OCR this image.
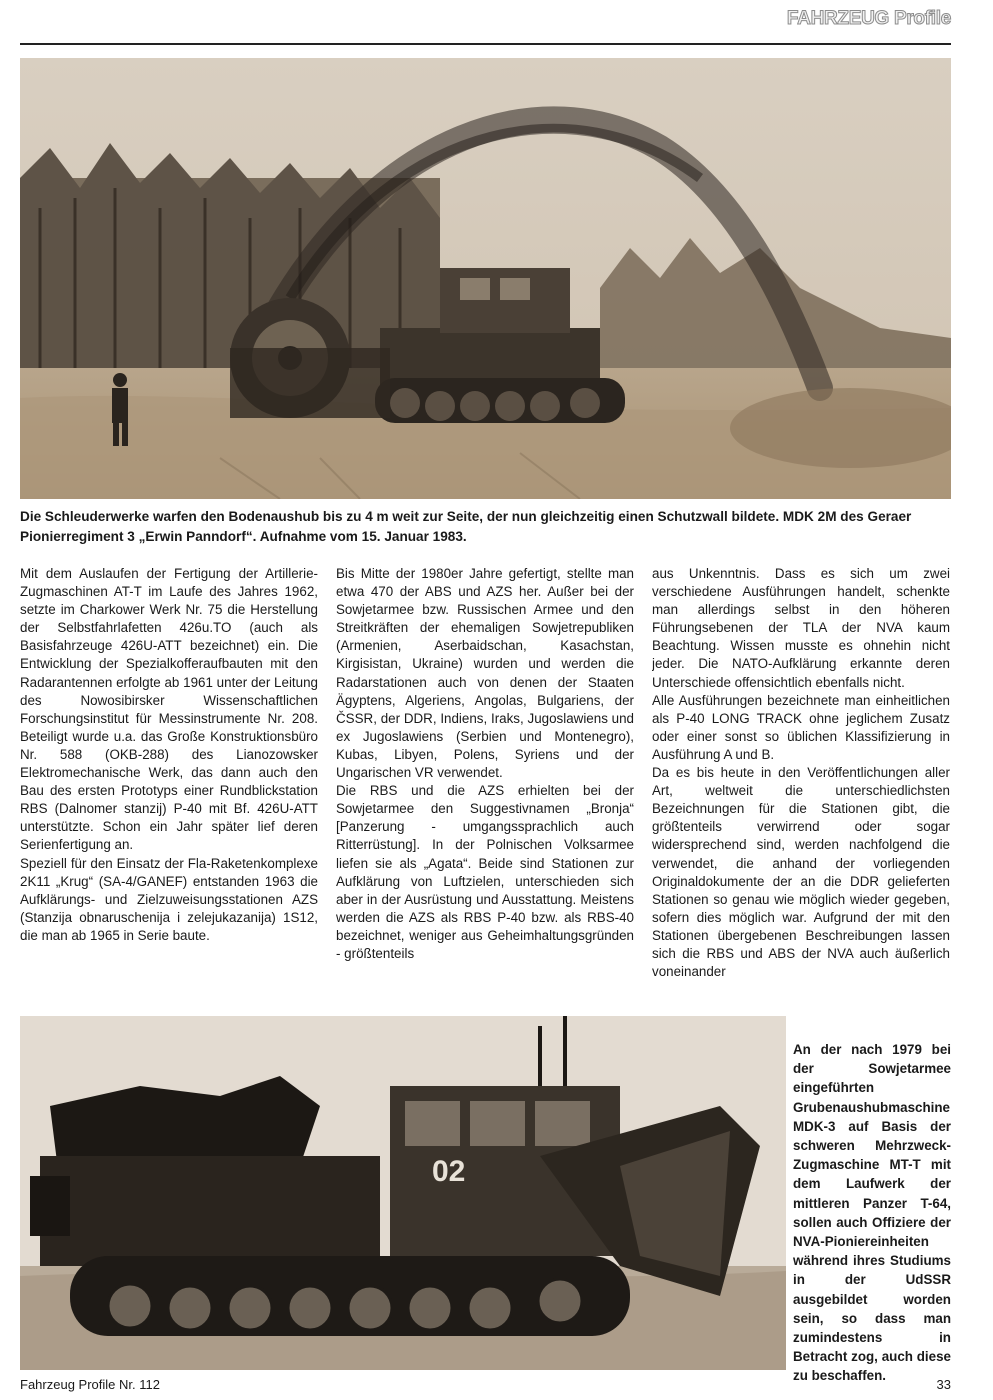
FAHRZEUG Profile
Die Schleuderwerke warfen den Bodenaushub bis zu 4 m weit zur Seite, der nun gleichzeitig einen Schutzwall bildete. MDK 2M des Geraer Pionierregiment 3 „Erwin Panndorf“. Aufnahme vom 15. Januar 1983.

Mit dem Auslaufen der Fertigung der Artillerie-Zugmaschinen AT-T im Laufe des Jahres 1962, setzte im Charkower Werk Nr. 75 die Herstellung der Selbstfahrlafetten 426u.TO (auch als Basisfahrzeuge 426U-ATT bezeichnet) ein. Die Entwicklung der Spezialkofferaufbauten mit den Radarantennen erfolgte ab 1961 unter der Leitung des Nowosibirsker Wissenschaftlichen Forschungsinstitut für Messinstrumente Nr. 208. Beteiligt wurde u.a. das Große Konstruktionsbüro Nr. 588 (OKB-288) des Lianozowsker Elektromechanische Werk, das dann auch den Bau des ersten Prototyps einer Rundblickstation RBS (Dalnomer stanzij) P-40 mit Bf. 426U-ATT unterstützte. Schon ein Jahr später lief deren Serienfertigung an.

Speziell für den Einsatz der Fla-Raketenkomplexe 2K11 „Krug“ (SA-4/GANEF) entstanden 1963 die Aufklärungs- und Zielzuweisungsstationen AZS (Stanzija obnaruschenija i zelejukazanija) 1S12, die man ab 1965 in Serie baute.

Bis Mitte der 1980er Jahre gefertigt, stellte man etwa 470 der ABS und AZS her. Außer bei der Sowjetarmee bzw. Russischen Armee und den Streitkräften der ehemaligen Sowjetrepubliken (Armenien, Aserbaidschan, Kasachstan, Kirgisistan, Ukraine) wurden und werden die Radarstationen auch von denen der Staaten Ägyptens, Algeriens, Angolas, Bulgariens, der ČSSR, der DDR, Indiens, Iraks, Jugoslawiens und ex Jugoslawiens (Serbien und Montenegro), Kubas, Libyen, Polens, Syriens und der Ungarischen VR verwendet.

Die RBS und die AZS erhielten bei der Sowjetarmee den Suggestivnamen „Bronja“ [Panzerung - umgangssprachlich auch Ritterrüstung]. In der Polnischen Volksarmee liefen sie als „Agata“. Beide sind Stationen zur Aufklärung von Luftzielen, unterschieden sich aber in der Ausrüstung und Ausstattung. Meistens werden die AZS als RBS P-40 bzw. als RBS-40 bezeichnet, weniger aus Geheimhaltungsgründen - größtenteils

aus Unkenntnis. Dass es sich um zwei verschiedene Ausführungen handelt, schenkte man allerdings selbst in den höheren Führungsebenen der TLA der NVA kaum Beachtung. Wissen musste es ohnehin nicht jeder. Die NATO-Aufklärung erkannte deren Unterschiede offensichtlich ebenfalls nicht.

Alle Ausführungen bezeichnete man einheitlichen als P-40 LONG TRACK ohne jeglichem Zusatz oder einer sonst so üblichen Klassifizierung in Ausführung A und B.

Da es bis heute in den Veröffentlichungen aller Art, weltweit die unterschiedlichsten Bezeichnungen für die Stationen gibt, die größtenteils verwirrend oder sogar widersprechend sind, werden nachfolgend die verwendet, die anhand der vorliegenden Originaldokumente der an die DDR gelieferten Stationen so genau wie möglich wieder gegeben, sofern dies möglich war. Aufgrund der mit den Stationen übergebenen Beschreibungen lassen sich die RBS und ABS der NVA auch äußerlich voneinander

02
An der nach 1979 bei der Sowjetarmee eingeführten Grubenaushubmaschine MDK-3 auf Basis der schweren Mehrzweck-Zugmaschine MT-T mit dem Laufwerk der mittleren Panzer T-64, sollen auch Offiziere der NVA-Pioniereinheiten während ihres Studiums in der UdSSR ausgebildet worden sein, so dass man zumindestens in Betracht zog, auch diese zu beschaffen.
Fahrzeug Profile Nr. 112	33
